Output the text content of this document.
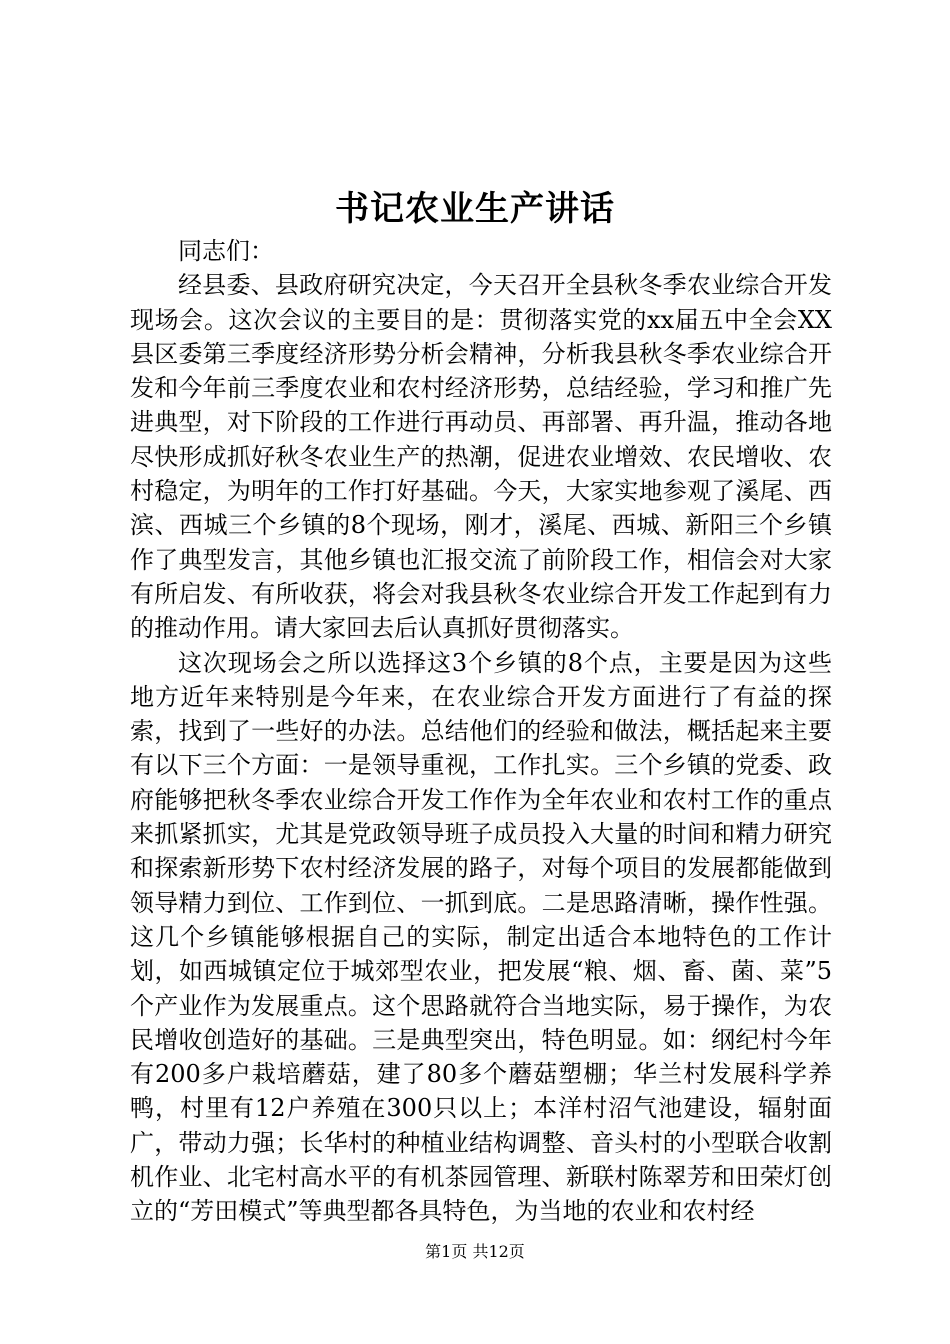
书记农业生产讲话

同志们：

经县委、县政府研究决定，今天召开全县秋冬季农业综合开发现场会。这次会议的主要目的是：贯彻落实党的xx届五中全会XX县区委第三季度经济形势分析会精神，分析我县秋冬季农业综合开发和今年前三季度农业和农村经济形势，总结经验，学习和推广先进典型，对下阶段的工作进行再动员、再部署、再升温，推动各地尽快形成抓好秋冬农业生产的热潮，促进农业增效、农民增收、农村稳定，为明年的工作打好基础。今天，大家实地参观了溪尾、西滨、西城三个乡镇的8个现场，刚才，溪尾、西城、新阳三个乡镇作了典型发言，其他乡镇也汇报交流了前阶段工作，相信会对大家有所启发、有所收获，将会对我县秋冬农业综合开发工作起到有力的推动作用。请大家回去后认真抓好贯彻落实。

这次现场会之所以选择这3个乡镇的8个点，主要是因为这些地方近年来特别是今年来，在农业综合开发方面进行了有益的探索，找到了一些好的办法。总结他们的经验和做法，概括起来主要有以下三个方面：一是领导重视，工作扎实。三个乡镇的党委、政府能够把秋冬季农业综合开发工作作为全年农业和农村工作的重点来抓紧抓实，尤其是党政领导班子成员投入大量的时间和精力研究和探索新形势下农村经济发展的路子，对每个项目的发展都能做到领导精力到位、工作到位、一抓到底。二是思路清晰，操作性强。这几个乡镇能够根据自己的实际，制定出适合本地特色的工作计划，如西城镇定位于城郊型农业，把发展“粮、烟、畜、菌、菜”5个产业作为发展重点。这个思路就符合当地实际，易于操作，为农民增收创造好的基础。三是典型突出，特色明显。如：纲纪村今年有200多户栽培蘑菇，建了80多个蘑菇塑棚；华兰村发展科学养鸭，村里有12户养殖在300只以上；本洋村沼气池建设，辐射面广，带动力强；长华村的种植业结构调整、音头村的小型联合收割机作业、北宅村高水平的有机茶园管理、新联村陈翠芳和田荣灯创立的“芳田模式”等典型都各具特色，为当地的农业和农村经

第1页 共12页
